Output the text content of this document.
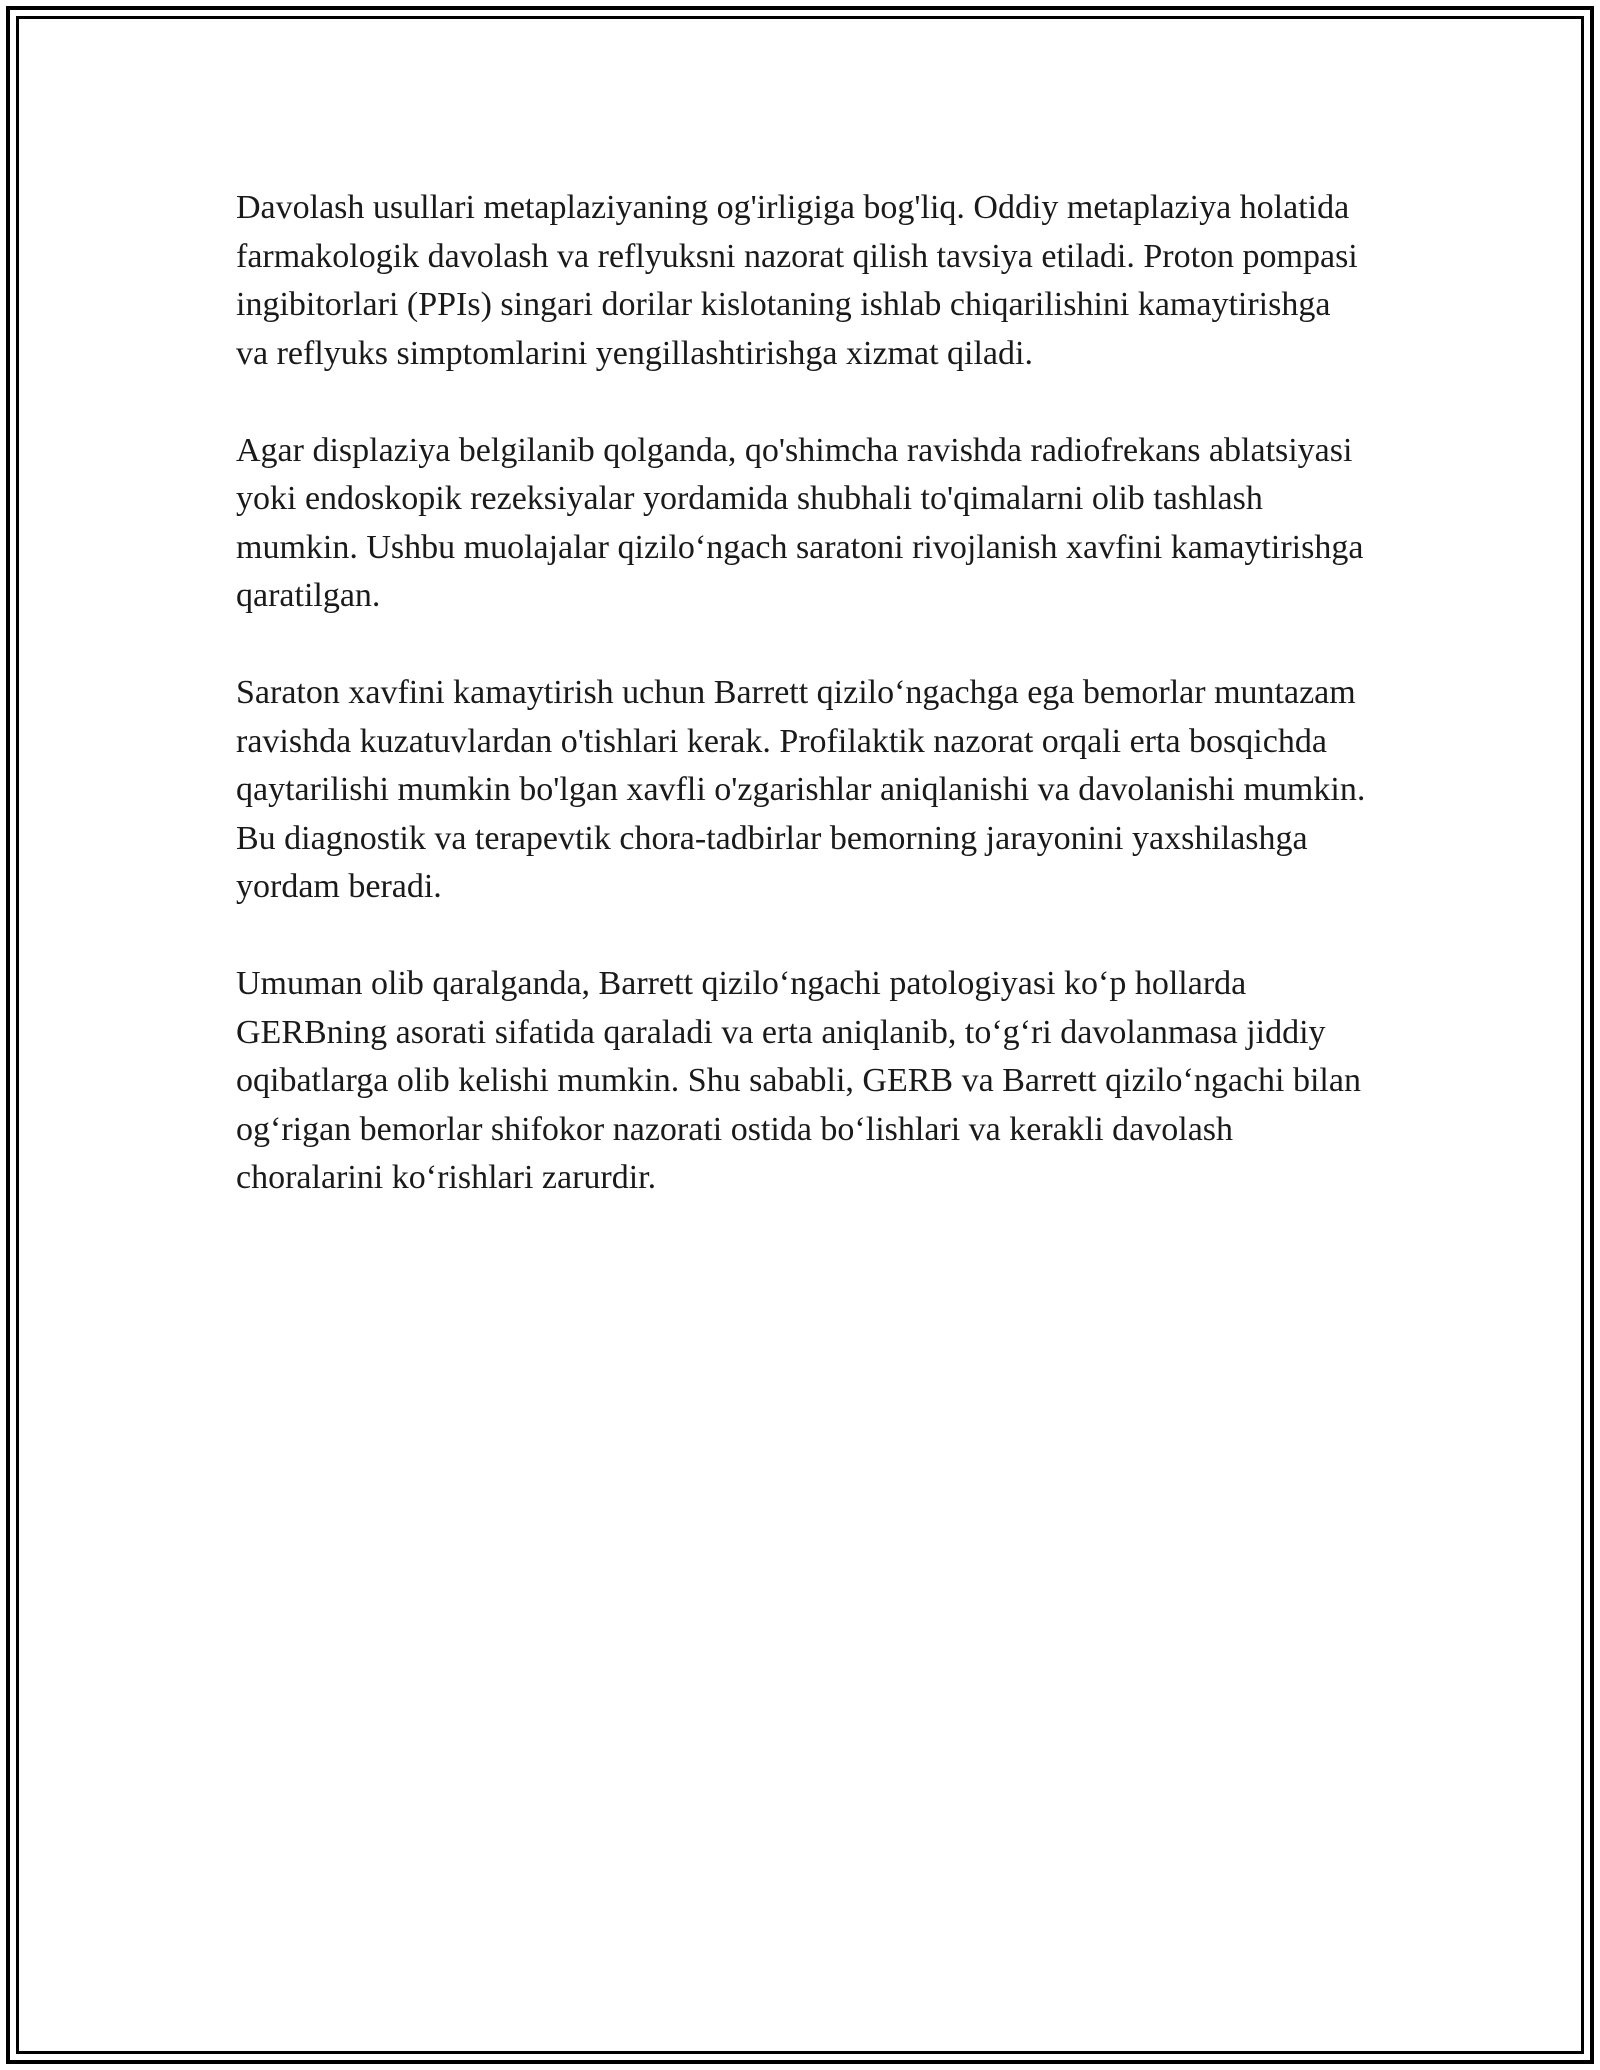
Davolash usullari metaplaziyaning og'irligiga bog'liq. Oddiy metaplaziya holatida farmakologik davolash va reflyuksni nazorat qilish tavsiya etiladi. Proton pompasi ingibitorlari (PPIs) singari dorilar kislotaning ishlab chiqarilishini kamaytirishga va reflyuks simptomlarini yengillashtirishga xizmat qiladi.

Agar displaziya belgilanib qolganda, qo'shimcha ravishda radiofrekans ablatsiyasi yoki endoskopik rezeksiyalar yordamida shubhali to'qimalarni olib tashlash mumkin. Ushbu muolajalar qizilo‘ngach saratoni rivojlanish xavfini kamaytirishga qaratilgan.

Saraton xavfini kamaytirish uchun Barrett qizilo‘ngachga ega bemorlar muntazam ravishda kuzatuvlardan o'tishlari kerak. Profilaktik nazorat orqali erta bosqichda qaytarilishi mumkin bo'lgan xavfli o'zgarishlar aniqlanishi va davolanishi mumkin. Bu diagnostik va terapevtik chora-tadbirlar bemorning jarayonini yaxshilashga yordam beradi.

Umuman olib qaralganda, Barrett qizilo‘ngachi patologiyasi ko‘p hollarda GERBning asorati sifatida qaraladi va erta aniqlanib, to‘g‘ri davolanmasa jiddiy oqibatlarga olib kelishi mumkin. Shu sababli, GERB va Barrett qizilo‘ngachi bilan og‘rigan bemorlar shifokor nazorati ostida bo‘lishlari va kerakli davolash choralarini ko‘rishlari zarurdir.
